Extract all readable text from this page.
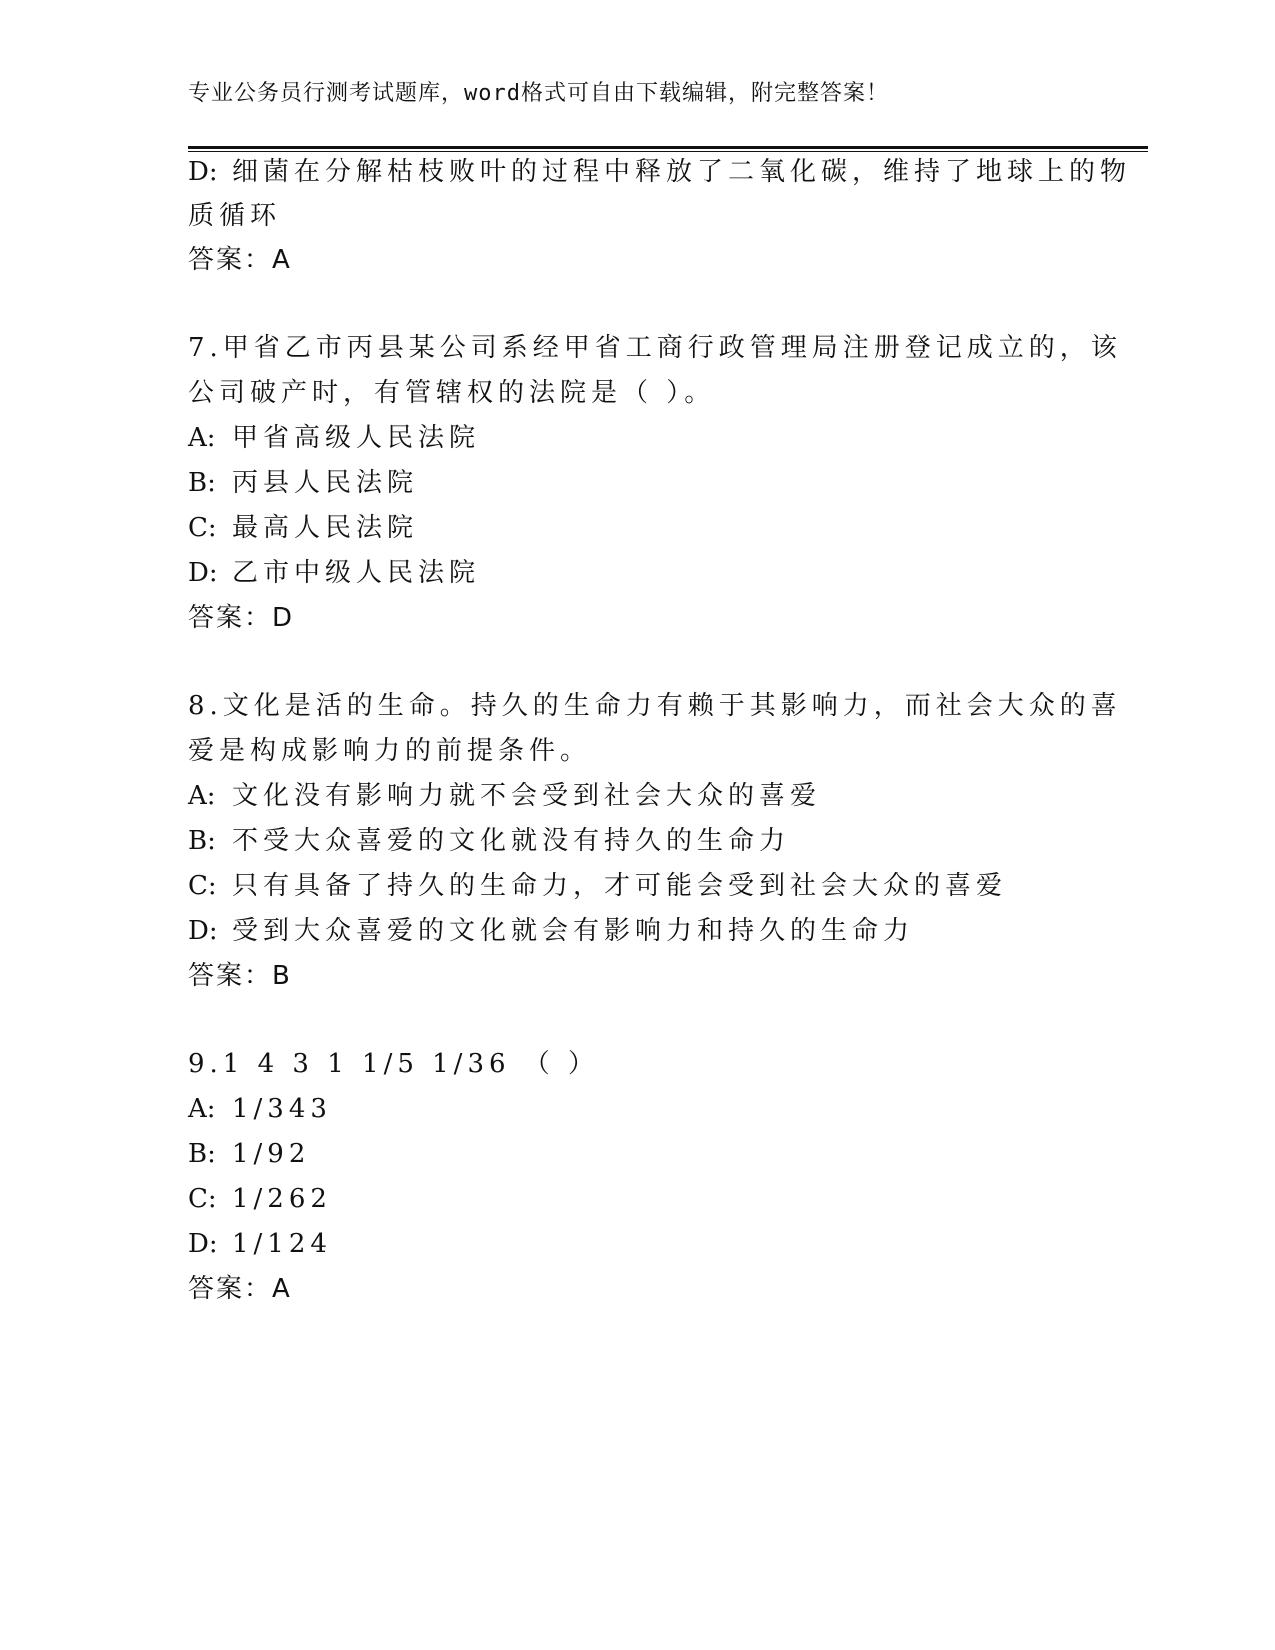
专业公务员行测考试题库，word格式可自由下载编辑，附完整答案！
D: 细菌在分解枯枝败叶的过程中释放了二氧化碳，维持了地球上的物
质循环
答案：A
7.甲省乙市丙县某公司系经甲省工商行政管理局注册登记成立的，该
公司破产时，有管辖权的法院是（ ）。
A: 甲省高级人民法院
B: 丙县人民法院
C: 最高人民法院
D: 乙市中级人民法院
答案：D
8.文化是活的生命。持久的生命力有赖于其影响力，而社会大众的喜
爱是构成影响力的前提条件。
A: 文化没有影响力就不会受到社会大众的喜爱
B: 不受大众喜爱的文化就没有持久的生命力
C: 只有具备了持久的生命力，才可能会受到社会大众的喜爱
D: 受到大众喜爱的文化就会有影响力和持久的生命力
答案：B
9.1 4 3 1 1/5 1/36 （ ）
A: 1/343
B: 1/92
C: 1/262
D: 1/124
答案：A
